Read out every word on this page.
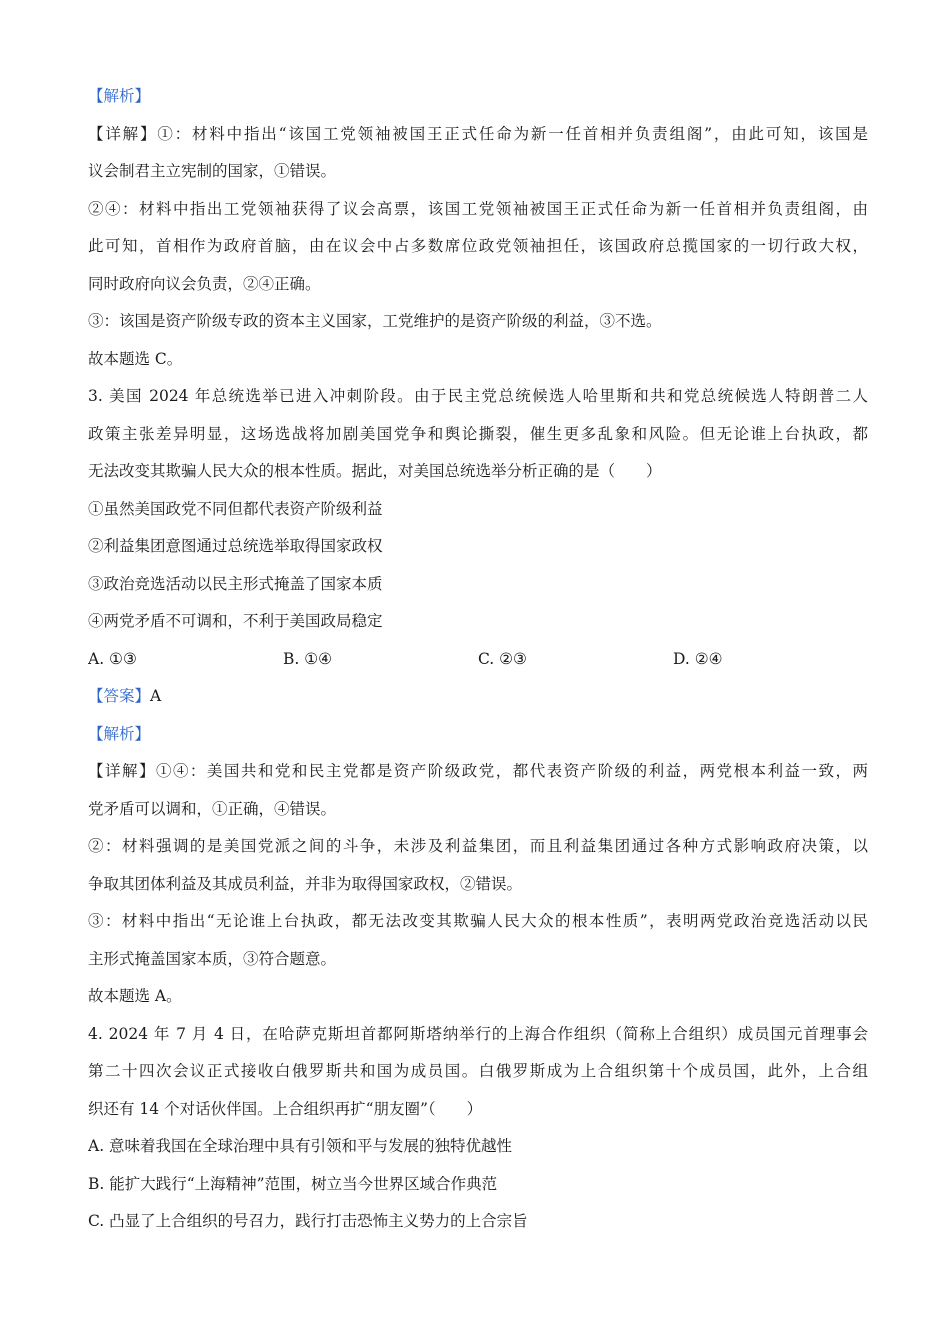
【解析】
【详解】①：材料中指出“该国工党领袖被国王正式任命为新一任首相并负责组阁”，由此可知，该国是
议会制君主立宪制的国家，①错误。
②④：材料中指出工党领袖获得了议会高票，该国工党领袖被国王正式任命为新一任首相并负责组阁，由
此可知，首相作为政府首脑，由在议会中占多数席位政党领袖担任，该国政府总揽国家的一切行政大权，
同时政府向议会负责，②④正确。
③：该国是资产阶级专政的资本主义国家，工党维护的是资产阶级的利益，③不选。
故本题选 C。
3. 美国 2024 年总统选举已进入冲刺阶段。由于民主党总统候选人哈里斯和共和党总统候选人特朗普二人
政策主张差异明显，这场选战将加剧美国党争和舆论撕裂，催生更多乱象和风险。但无论谁上台执政，都
无法改变其欺骗人民大众的根本性质。据此，对美国总统选举分析正确的是（　　）
①虽然美国政党不同但都代表资产阶级利益
②利益集团意图通过总统选举取得国家政权
③政治竞选活动以民主形式掩盖了国家本质
④两党矛盾不可调和，不利于美国政局稳定
A. ①③	B. ①④	C. ②③	D. ②④
【答案】A
【解析】
【详解】①④：美国共和党和民主党都是资产阶级政党，都代表资产阶级的利益，两党根本利益一致，两
党矛盾可以调和，①正确，④错误。
②：材料强调的是美国党派之间的斗争，未涉及利益集团，而且利益集团通过各种方式影响政府决策，以
争取其团体利益及其成员利益，并非为取得国家政权，②错误。
③：材料中指出“无论谁上台执政，都无法改变其欺骗人民大众的根本性质”，表明两党政治竞选活动以民
主形式掩盖国家本质，③符合题意。
故本题选 A。
4. 2024 年 7 月 4 日，在哈萨克斯坦首都阿斯塔纳举行的上海合作组织（简称上合组织）成员国元首理事会
第二十四次会议正式接收白俄罗斯共和国为成员国。白俄罗斯成为上合组织第十个成员国，此外，上合组
织还有 14 个对话伙伴国。上合组织再扩“朋友圈”（　　）
A. 意味着我国在全球治理中具有引领和平与发展的独特优越性
B. 能扩大践行“上海精神”范围，树立当今世界区域合作典范
C. 凸显了上合组织的号召力，践行打击恐怖主义势力的上合宗旨
